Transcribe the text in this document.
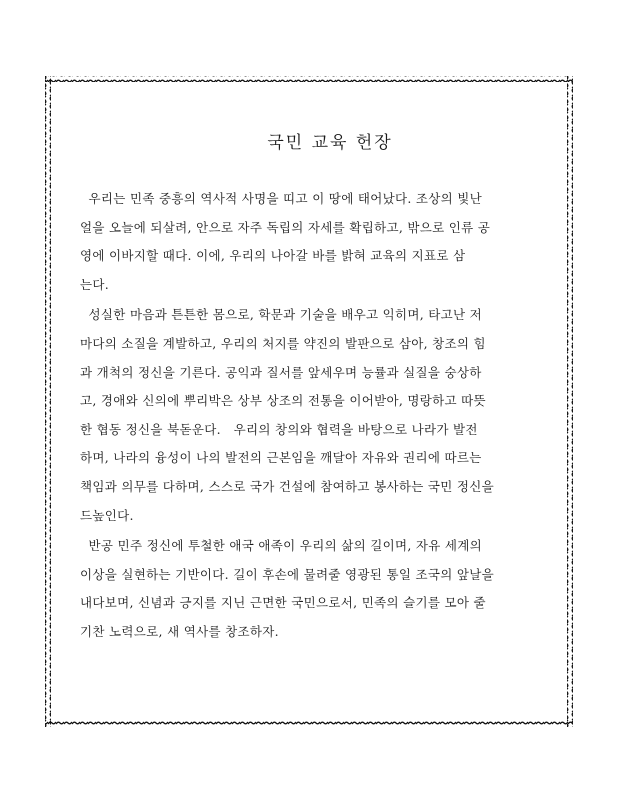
국민 교육 헌장
우리는 민족 중흥의 역사적 사명을 띠고 이 땅에 태어났다. 조상의 빛난
얼을 오늘에 되살려, 안으로 자주 독립의 자세를 확립하고, 밖으로 인류 공
영에 이바지할 때다. 이에, 우리의 나아갈 바를 밝혀 교육의 지표로 삼
는다.
성실한 마음과 튼튼한 몸으로, 학문과 기술을 배우고 익히며, 타고난 저
마다의 소질을 계발하고, 우리의 처지를 약진의 발판으로 삼아, 창조의 힘
과 개척의 정신을 기른다. 공익과 질서를 앞세우며 능률과 실질을 숭상하
고, 경애와 신의에 뿌리박은 상부 상조의 전통을 이어받아, 명랑하고 따뜻
한 협동 정신을 북돋운다.   우리의 창의와 협력을 바탕으로 나라가 발전
하며, 나라의 융성이 나의 발전의 근본임을 깨달아 자유와 권리에 따르는
책임과 의무를 다하며, 스스로 국가 건설에 참여하고 봉사하는 국민 정신을
드높인다.
반공 민주 정신에 투철한 애국 애족이 우리의 삶의 길이며, 자유 세계의
이상을 실현하는 기반이다. 길이 후손에 물려줄 영광된 통일 조국의 앞날을
내다보며, 신념과 긍지를 지닌 근면한 국민으로서, 민족의 슬기를 모아 줄
기찬 노력으로, 새 역사를 창조하자.
